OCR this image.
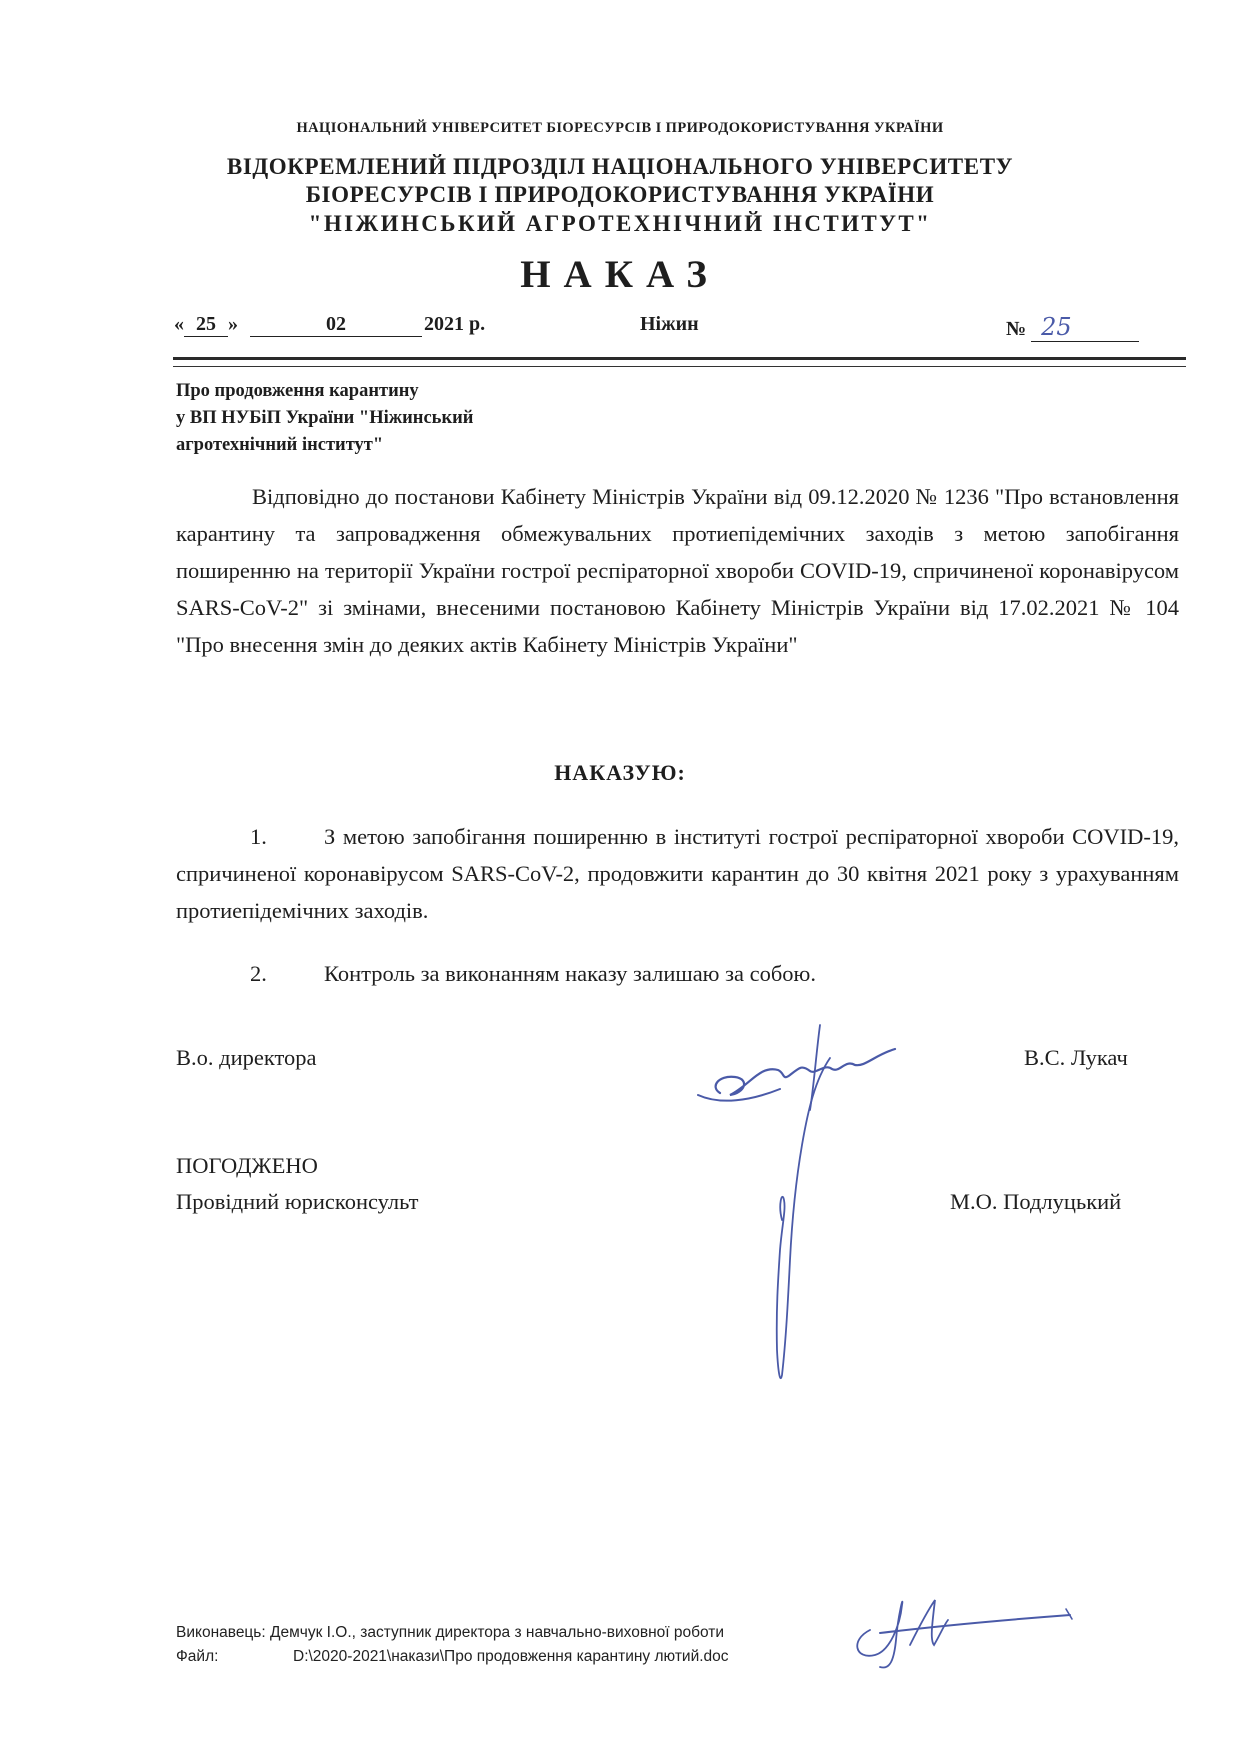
НАЦІОНАЛЬНИЙ УНІВЕРСИТЕТ БІОРЕСУРСІВ І ПРИРОДОКОРИСТУВАННЯ УКРАЇНИ
ВІДОКРЕМЛЕНИЙ ПІДРОЗДІЛ НАЦІОНАЛЬНОГО УНІВЕРСИТЕТУ
БІОРЕСУРСІВ І ПРИРОДОКОРИСТУВАННЯ УКРАЇНИ
"НІЖИНСЬКИЙ АГРОТЕХНІЧНИЙ ІНСТИТУТ"
НАКАЗ
« 25 »	02	2021 р.	Ніжин	№ 25
Про продовження карантину
у ВП НУБіП України "Ніжинський
агротехнічний інститут"
Відповідно до постанови Кабінету Міністрів України від 09.12.2020 № 1236 "Про встановлення карантину та запровадження обмежувальних протиепідемічних заходів з метою запобігання поширенню на території України гострої респіраторної хвороби COVID-19, спричиненої коронавірусом SARS-CoV-2" зі змінами, внесеними постановою Кабінету Міністрів України від 17.02.2021 № 104 "Про внесення змін до деяких актів Кабінету Міністрів України"
НАКАЗУЮ:
1.	З метою запобігання поширенню в інституті гострої респіраторної хвороби COVID-19, спричиненої коронавірусом SARS-CoV-2, продовжити карантин до 30 квітня 2021 року з урахуванням протиепідемічних заходів.
2.	Контроль за виконанням наказу залишаю за собою.
В.о. директора	В.С. Лукач
ПОГОДЖЕНО
Провідний юрисконсульт	М.О. Подлуцький
Виконавець: Демчук І.О., заступник директора з навчально-виховної роботи
Файл:	D:\2020-2021\накази\Про продовження карантину лютий.doc
